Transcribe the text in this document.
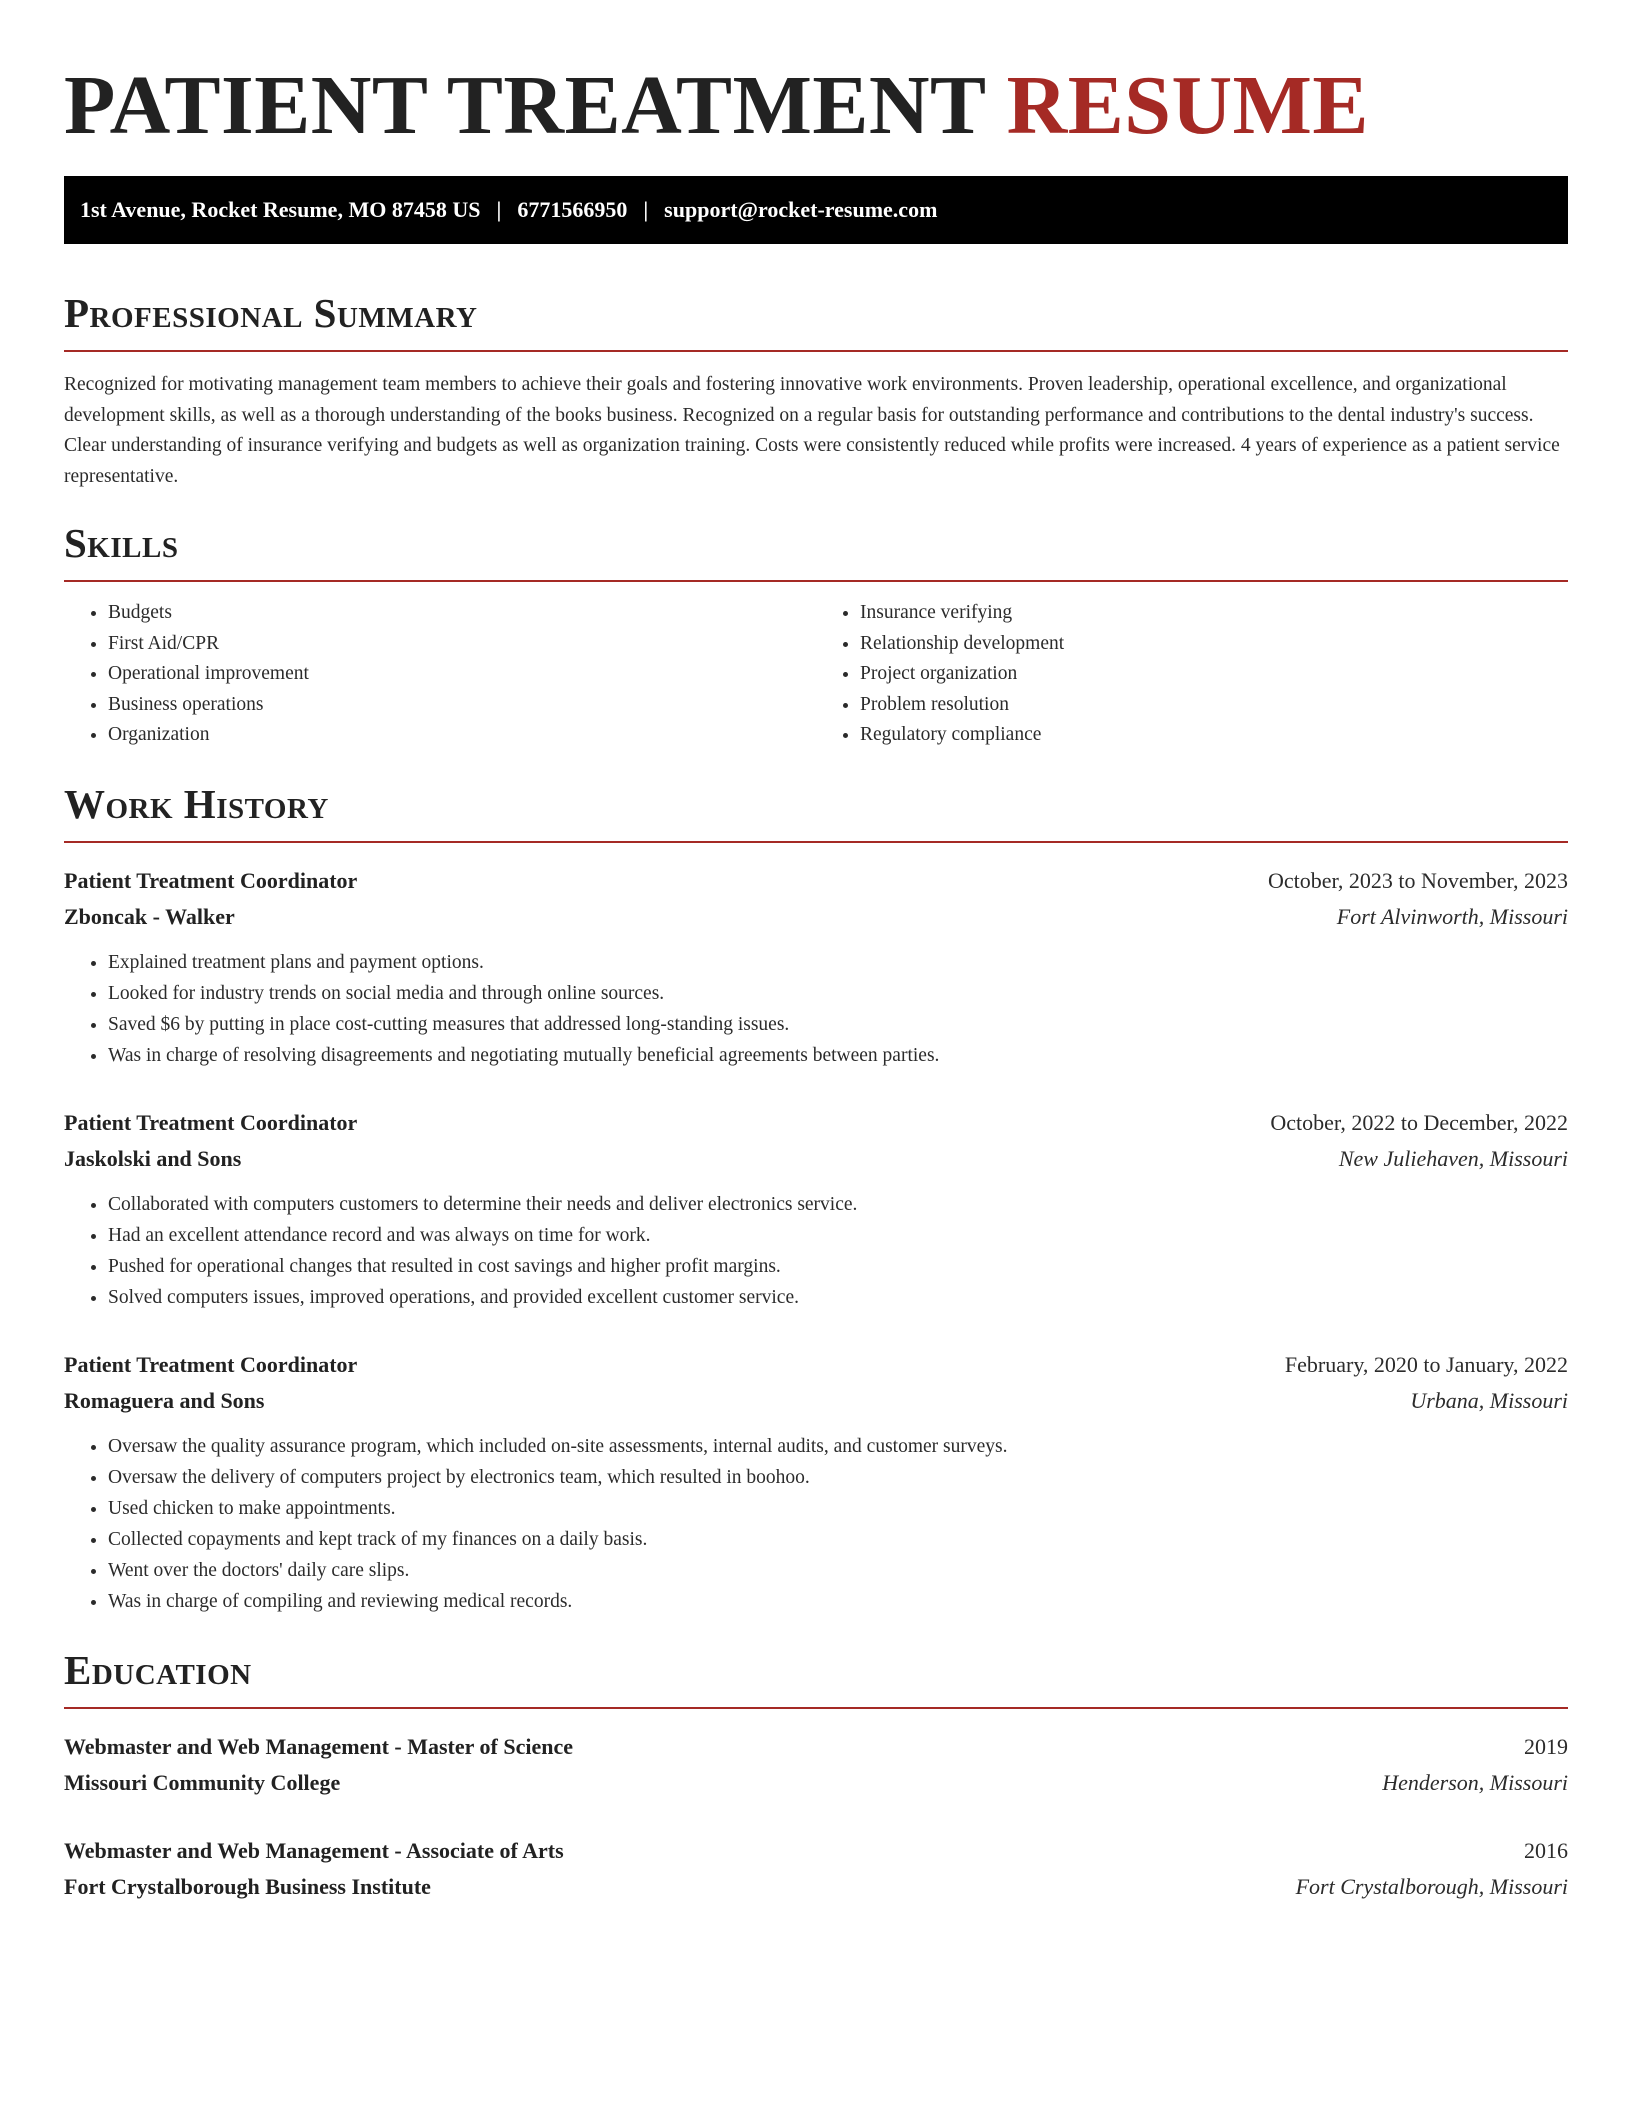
PATIENT TREATMENT RESUME
1st Avenue, Rocket Resume, MO 87458 US | 6771566950 | support@rocket-resume.com
Professional Summary

Recognized for motivating management team members to achieve their goals and fostering innovative work environments. Proven leadership, operational excellence, and organizational development skills, as well as a thorough understanding of the books business. Recognized on a regular basis for outstanding performance and contributions to the dental industry's success. Clear understanding of insurance verifying and budgets as well as organization training. Costs were consistently reduced while profits were increased. 4 years of experience as a patient service representative.

Skills
• Budgets
• First Aid/CPR
• Operational improvement
• Business operations
• Organization
• Insurance verifying
• Relationship development
• Project organization
• Problem resolution
• Regulatory compliance
Work History
Patient Treatment Coordinator	October, 2023 to November, 2023
Zboncak - Walker	Fort Alvinworth, Missouri
• Explained treatment plans and payment options.
• Looked for industry trends on social media and through online sources.
• Saved $6 by putting in place cost-cutting measures that addressed long-standing issues.
• Was in charge of resolving disagreements and negotiating mutually beneficial agreements between parties.
Patient Treatment Coordinator	October, 2022 to December, 2022
Jaskolski and Sons	New Juliehaven, Missouri
• Collaborated with computers customers to determine their needs and deliver electronics service.
• Had an excellent attendance record and was always on time for work.
• Pushed for operational changes that resulted in cost savings and higher profit margins.
• Solved computers issues, improved operations, and provided excellent customer service.
Patient Treatment Coordinator	February, 2020 to January, 2022
Romaguera and Sons	Urbana, Missouri
• Oversaw the quality assurance program, which included on-site assessments, internal audits, and customer surveys.
• Oversaw the delivery of computers project by electronics team, which resulted in boohoo.
• Used chicken to make appointments.
• Collected copayments and kept track of my finances on a daily basis.
• Went over the doctors' daily care slips.
• Was in charge of compiling and reviewing medical records.
Education
Webmaster and Web Management - Master of Science	2019
Missouri Community College	Henderson, Missouri
Webmaster and Web Management - Associate of Arts	2016
Fort Crystalborough Business Institute	Fort Crystalborough, Missouri
